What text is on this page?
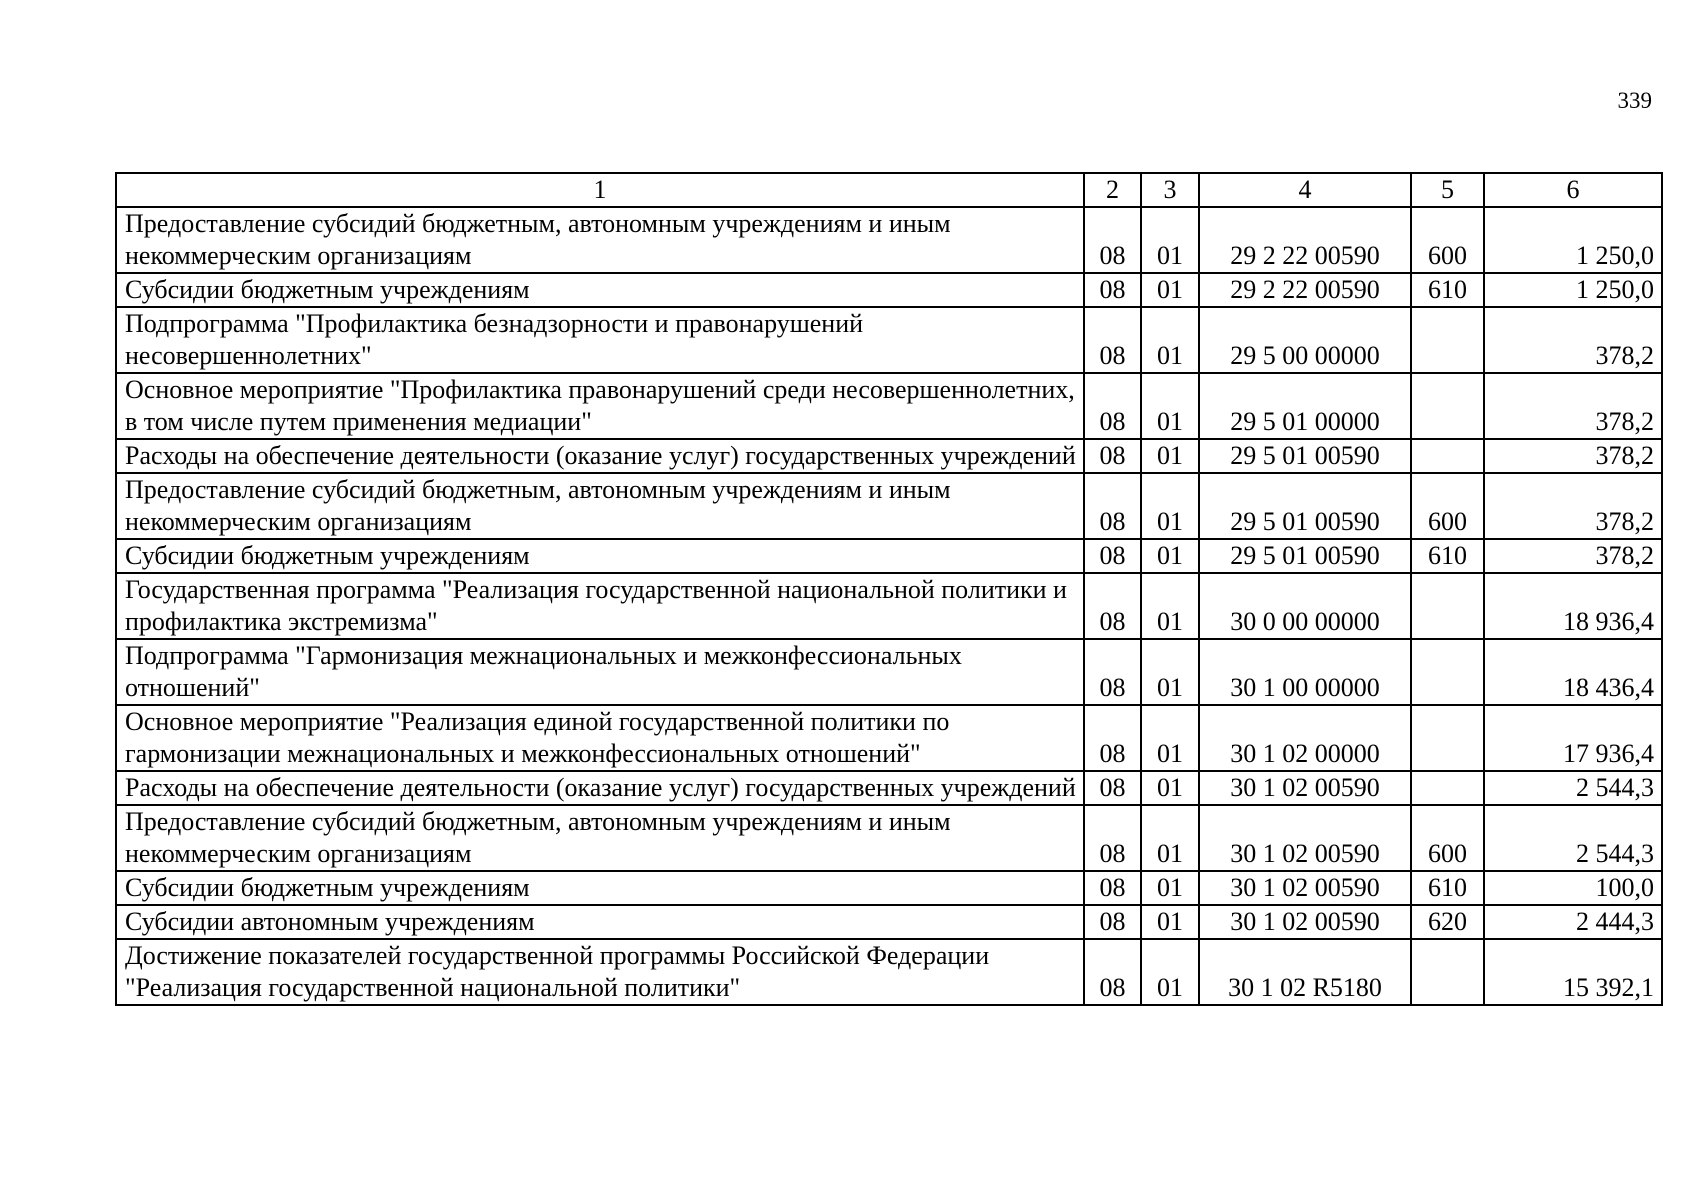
339
1	2	3	4	5	6
Предоставление субсидий бюджетным, автономным учреждениям и иным некоммерческим организациям	08	01	29 2 22 00590	600	1 250,0
Субсидии бюджетным учреждениям	08	01	29 2 22 00590	610	1 250,0
Подпрограмма "Профилактика безнадзорности и правонарушений несовершеннолетних"	08	01	29 5 00 00000		378,2
Основное мероприятие "Профилактика правонарушений среди несовершеннолетних, в том числе путем применения медиации"	08	01	29 5 01 00000		378,2
Расходы на обеспечение деятельности (оказание услуг) государственных учреждений	08	01	29 5 01 00590		378,2
Предоставление субсидий бюджетным, автономным учреждениям и иным некоммерческим организациям	08	01	29 5 01 00590	600	378,2
Субсидии бюджетным учреждениям	08	01	29 5 01 00590	610	378,2
Государственная программа "Реализация государственной национальной политики и профилактика экстремизма"	08	01	30 0 00 00000		18 936,4
Подпрограмма "Гармонизация межнациональных и межконфессиональных отношений"	08	01	30 1 00 00000		18 436,4
Основное мероприятие "Реализация единой государственной политики по гармонизации межнациональных и межконфессиональных отношений"	08	01	30 1 02 00000		17 936,4
Расходы на обеспечение деятельности (оказание услуг) государственных учреждений	08	01	30 1 02 00590		2 544,3
Предоставление субсидий бюджетным, автономным учреждениям и иным некоммерческим организациям	08	01	30 1 02 00590	600	2 544,3
Субсидии бюджетным учреждениям	08	01	30 1 02 00590	610	100,0
Субсидии автономным учреждениям	08	01	30 1 02 00590	620	2 444,3
Достижение показателей государственной программы Российской Федерации "Реализация государственной национальной политики"	08	01	30 1 02 R5180		15 392,1
